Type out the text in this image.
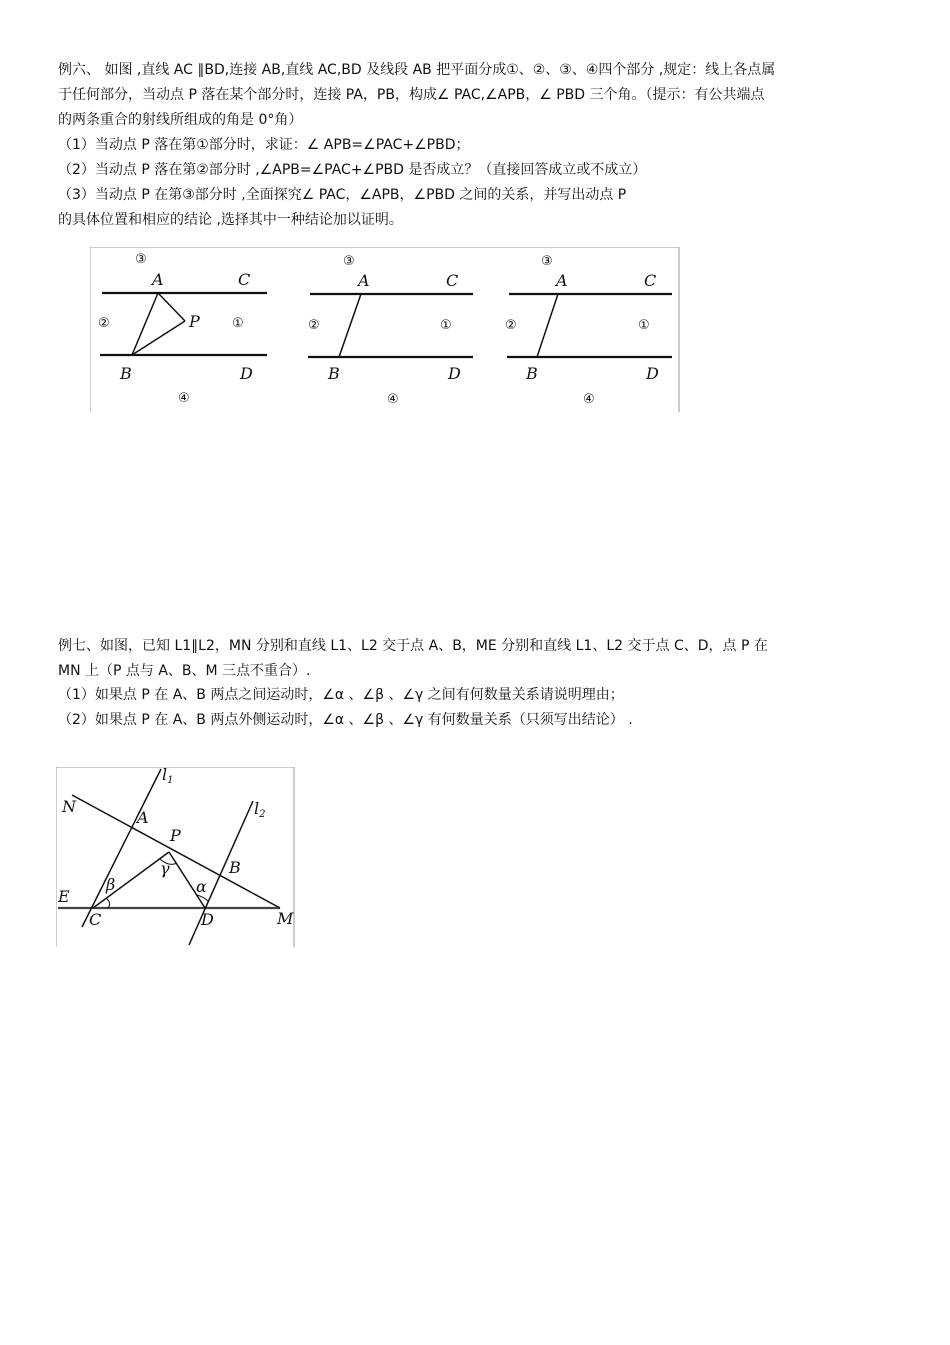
例六、 如图 ,直线 AC ∥BD,连接 AB,直线 AC,BD 及线段 AB 把平面分成①、②、③、④四个部分 ,规定：线上各点属

于任何部分，当动点 P 落在某个部分时，连接 PA，PB，构成∠ PAC,∠APB，∠ PBD 三个角。（提示：有公共端点

的两条重合的射线所组成的角是 0°角）

（1）当动点 P 落在第①部分时，求证：∠ APB=∠PAC+∠PBD；

（2）当动点 P 落在第②部分时 ,∠APB=∠PAC+∠PBD 是否成立？（直接回答成立或不成立）

（3）当动点 P 在第③部分时 ,全面探究∠ PAC，∠APB，∠PBD 之间的关系，并写出动点 P

的具体位置和相应的结论 ,选择其中一种结论加以证明。

③
A	C
②	P ①
B	D
④
③
A	C
②	①
B	D
④
③
A	C
②	①
B	D
④

例七、如图，已知 L1∥L2，MN 分别和直线 L1、L2 交于点 A、B，ME 分别和直线 L1、L2 交于点 C、D，点 P 在

MN 上（P 点与 A、B、M 三点不重合）.

（1）如果点 P 在 A、B 两点之间运动时，∠α 、∠β 、∠γ 之间有何数量关系请说明理由；

（2）如果点 P 在 A、B 两点外侧运动时，∠α 、∠β 、∠γ 有何数量关系（只须写出结论） .

l1
l2
N
A
P
B
γ
β	α
E
C	D	M
